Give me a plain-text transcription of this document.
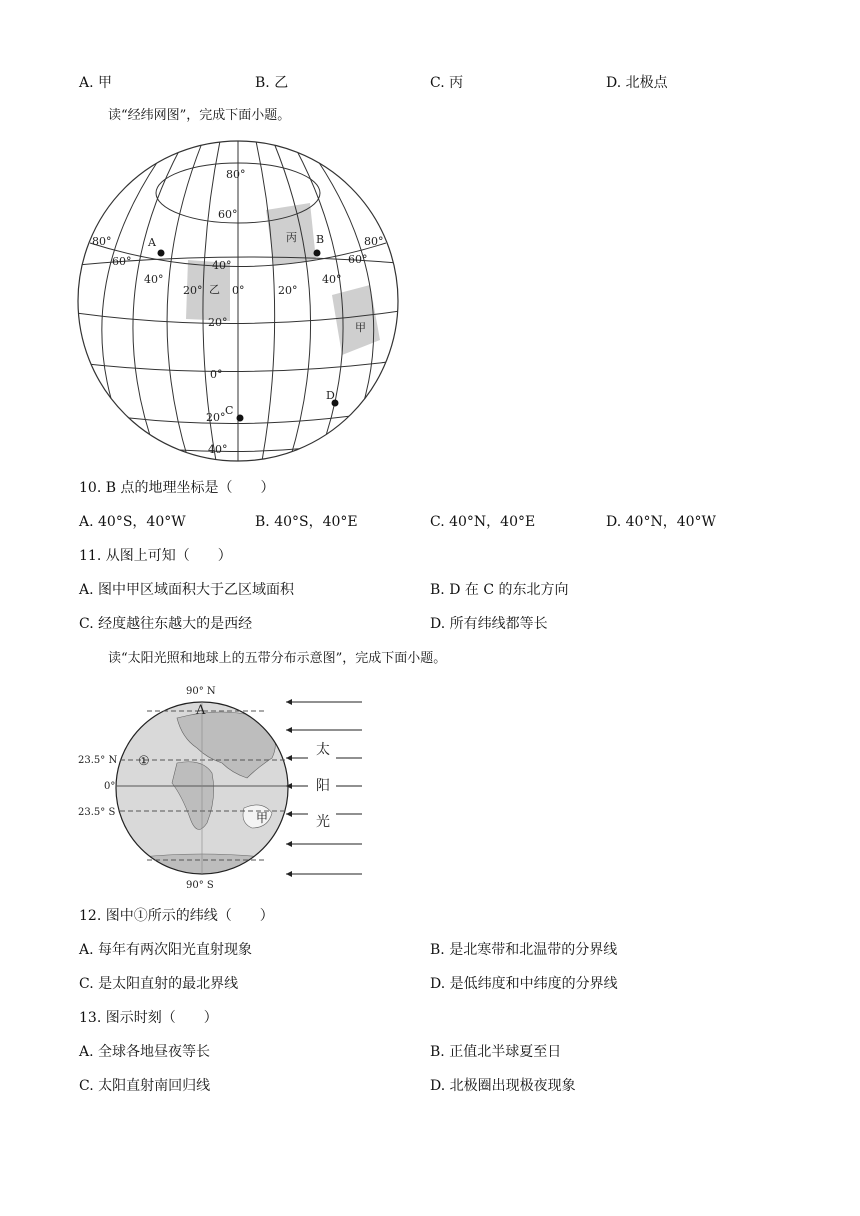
A. 甲	B. 乙	C. 丙	D. 北极点
读“经纬网图”，完成下面小题。
A	B
C
D
丙
乙
甲
80°
60°
40°
20°
20°
0°
20°
40°
80°
60°
40°
0°	20°
40°
60°
80°
10. B 点的地理坐标是（　　）
A. 40°S，40°W	B. 40°S，40°E	C. 40°N，40°E	D. 40°N，40°W
11. 从图上可知（　　）
A. 图中甲区域面积大于乙区域面积	B. D 在 C 的东北方向
C. 经度越往东越大的是西经	D. 所有纬线都等长
读“太阳光照和地球上的五带分布示意图”，完成下面小题。
太
阳
光
90° N
90° S
23.5° N
0°
23.5° S
A
①
甲
12. 图中①所示的纬线（　　）
A. 每年有两次阳光直射现象	B. 是北寒带和北温带的分界线
C. 是太阳直射的最北界线	D. 是低纬度和中纬度的分界线
13. 图示时刻（　　）
A. 全球各地昼夜等长	B. 正值北半球夏至日
C. 太阳直射南回归线	D. 北极圈出现极夜现象
